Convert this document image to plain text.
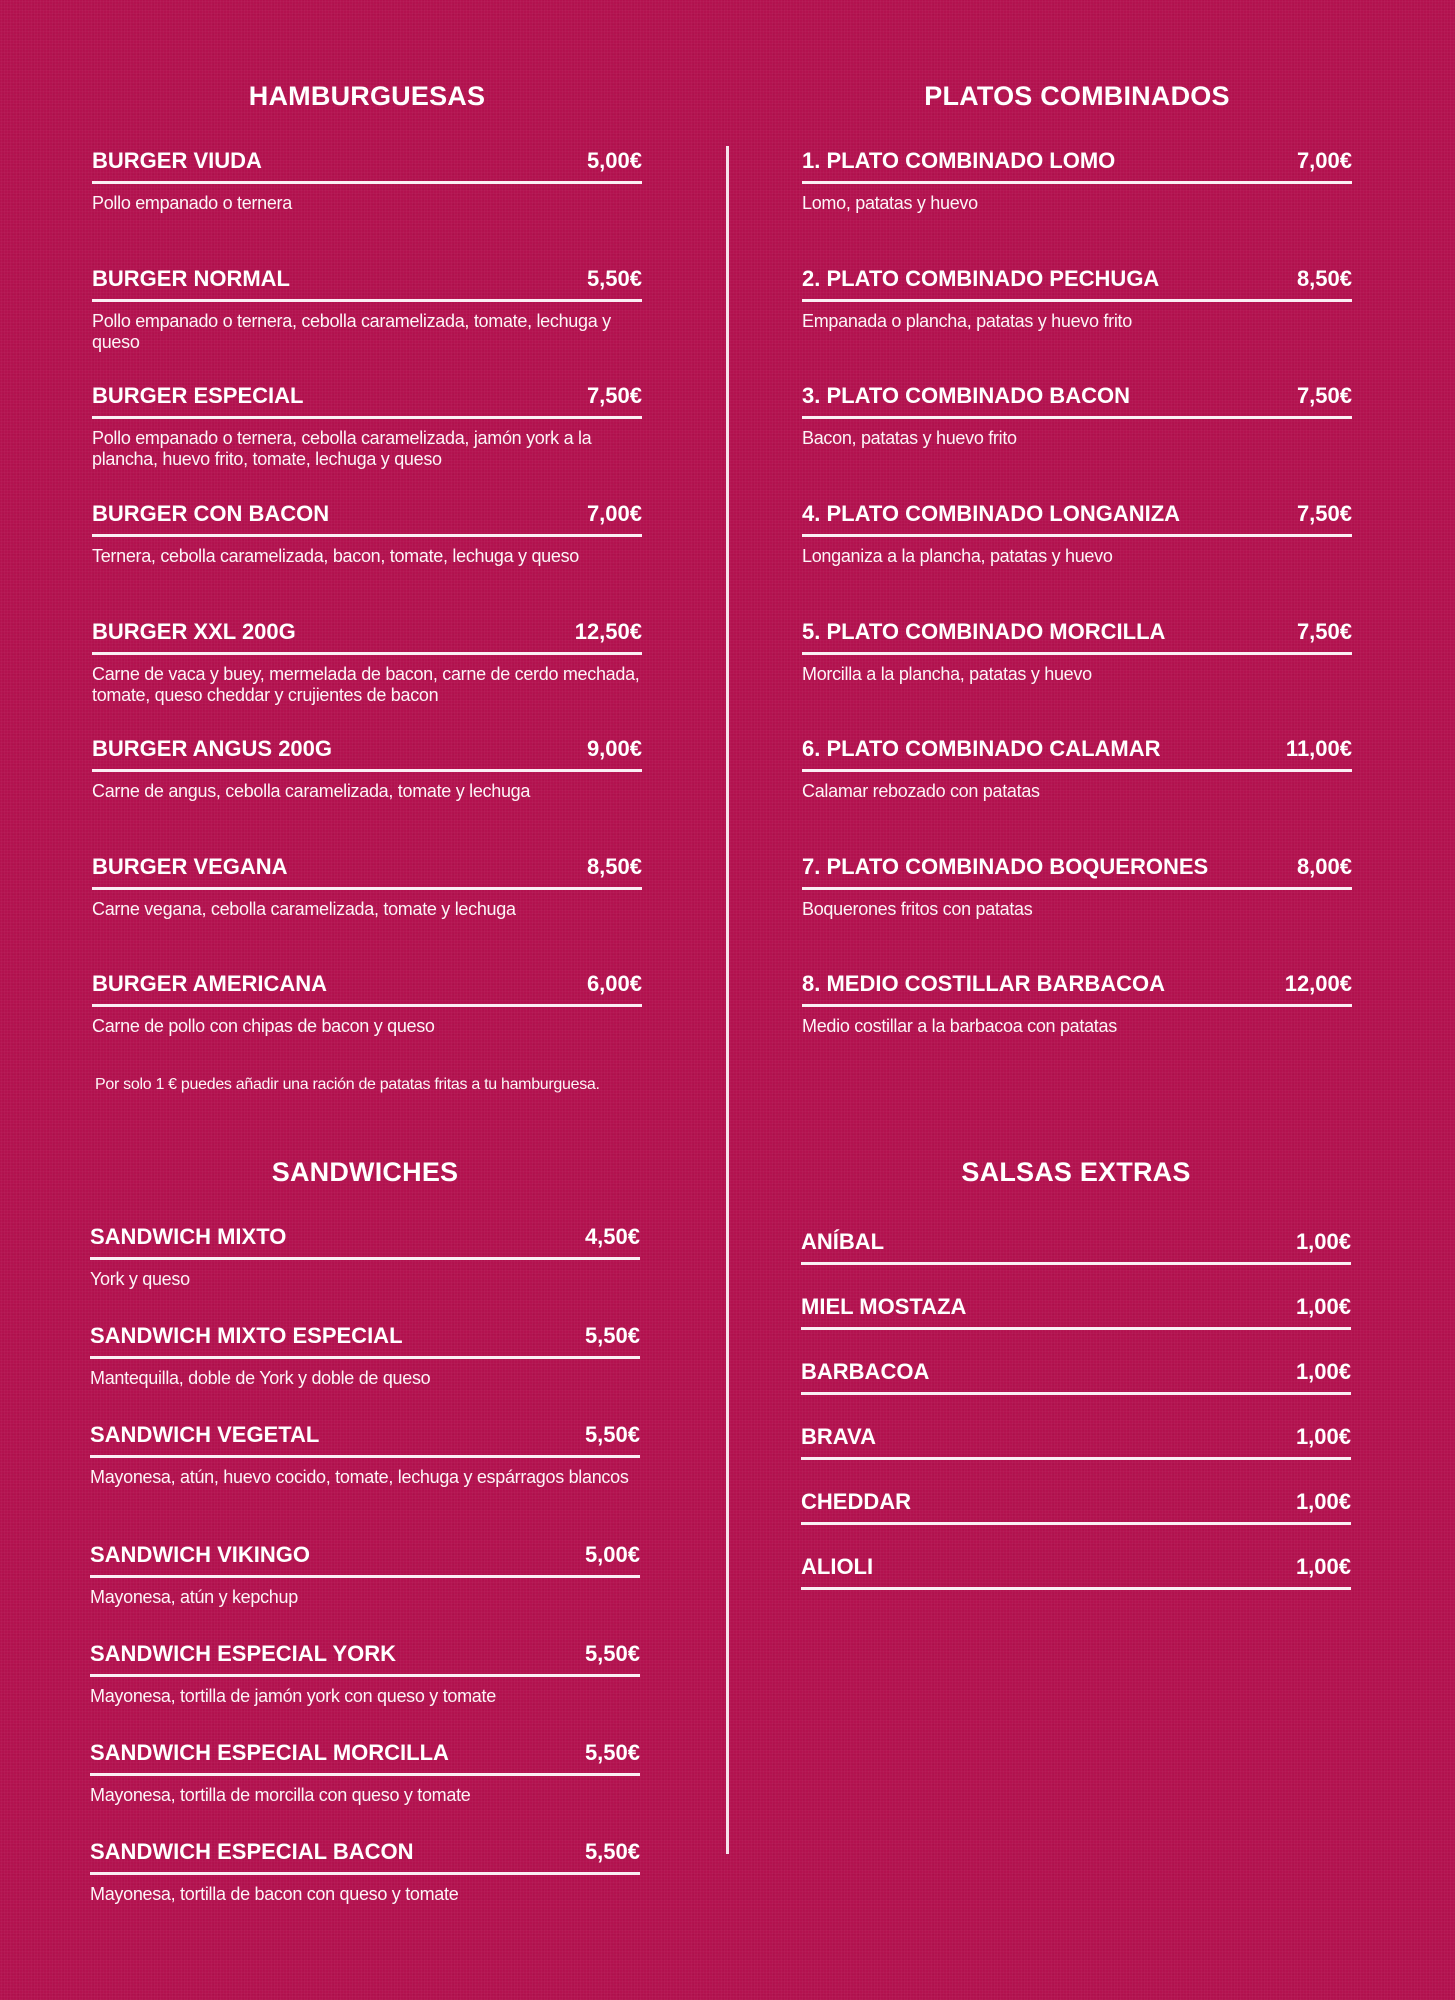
HAMBURGUESAS
BURGER VIUDA	5,00€
Pollo empanado o ternera
BURGER NORMAL	5,50€
Pollo empanado o ternera, cebolla caramelizada, tomate, lechuga y queso
BURGER ESPECIAL	7,50€
Pollo empanado o ternera, cebolla caramelizada, jamón york a la plancha, huevo frito, tomate, lechuga y queso
BURGER CON BACON	7,00€
Ternera, cebolla caramelizada, bacon, tomate, lechuga y queso
BURGER XXL 200G	12,50€
Carne de vaca y buey, mermelada de bacon, carne de cerdo mechada, tomate, queso cheddar y crujientes de bacon
BURGER ANGUS 200G	9,00€
Carne de angus, cebolla caramelizada, tomate y lechuga
BURGER VEGANA	8,50€
Carne vegana, cebolla caramelizada, tomate y lechuga
BURGER AMERICANA	6,00€
Carne de pollo con chipas de bacon y queso
Por solo 1 € puedes añadir una ración de patatas fritas a tu hamburguesa.
PLATOS COMBINADOS
1. PLATO COMBINADO LOMO	7,00€
Lomo, patatas y huevo
2. PLATO COMBINADO PECHUGA	8,50€
Empanada o plancha, patatas y huevo frito
3. PLATO COMBINADO BACON	7,50€
Bacon, patatas y huevo frito
4. PLATO COMBINADO LONGANIZA	7,50€
Longaniza a la plancha, patatas y huevo
5. PLATO COMBINADO MORCILLA	7,50€
Morcilla a la plancha, patatas y huevo
6. PLATO COMBINADO CALAMAR	11,00€
Calamar rebozado con patatas
7. PLATO COMBINADO BOQUERONES	8,00€
Boquerones fritos con patatas
8. MEDIO COSTILLAR BARBACOA	12,00€
Medio costillar a la barbacoa con patatas
SANDWICHES
SANDWICH MIXTO	4,50€
York y queso
SANDWICH MIXTO ESPECIAL	5,50€
Mantequilla, doble de York y doble de queso
SANDWICH VEGETAL	5,50€
Mayonesa, atún, huevo cocido, tomate, lechuga y espárragos blancos
SANDWICH VIKINGO	5,00€
Mayonesa, atún y kepchup
SANDWICH ESPECIAL YORK	5,50€
Mayonesa, tortilla de jamón york con queso y tomate
SANDWICH ESPECIAL MORCILLA	5,50€
Mayonesa, tortilla de morcilla con queso y tomate
SANDWICH ESPECIAL BACON	5,50€
Mayonesa, tortilla de bacon con queso y tomate
SALSAS EXTRAS
ANÍBAL	1,00€
MIEL MOSTAZA	1,00€
BARBACOA	1,00€
BRAVA	1,00€
CHEDDAR	1,00€
ALIOLI	1,00€
